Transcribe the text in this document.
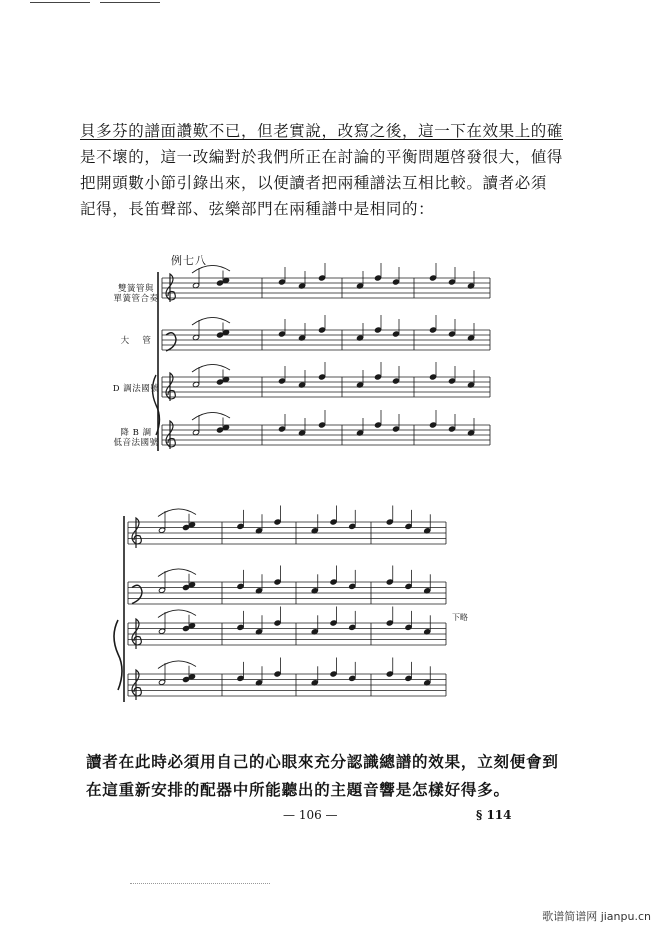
貝多芬的譜面讚歎不已，但老實說，改寫之後，這一下在效果上的確
是不壞的，這一改編對於我們所正在討論的平衡問題啓發很大，値得
把開頭數小節引錄出來，以便讀者把兩種譜法互相比較。讀者必須
記得，長笛聲部、弦樂部門在兩種譜中是相同的：

例七八
雙簧管與
單簧管合奏
大 管
D 調法國號
降 B 調
低音法國號
下略

讀者在此時必須用自己的心眼來充分認識總譜的效果，立刻便會到
在這重新安排的配器中所能聽出的主題音響是怎樣好得多。

— 106 —	§ 114
歌谱简谱网 jianpu.cn
